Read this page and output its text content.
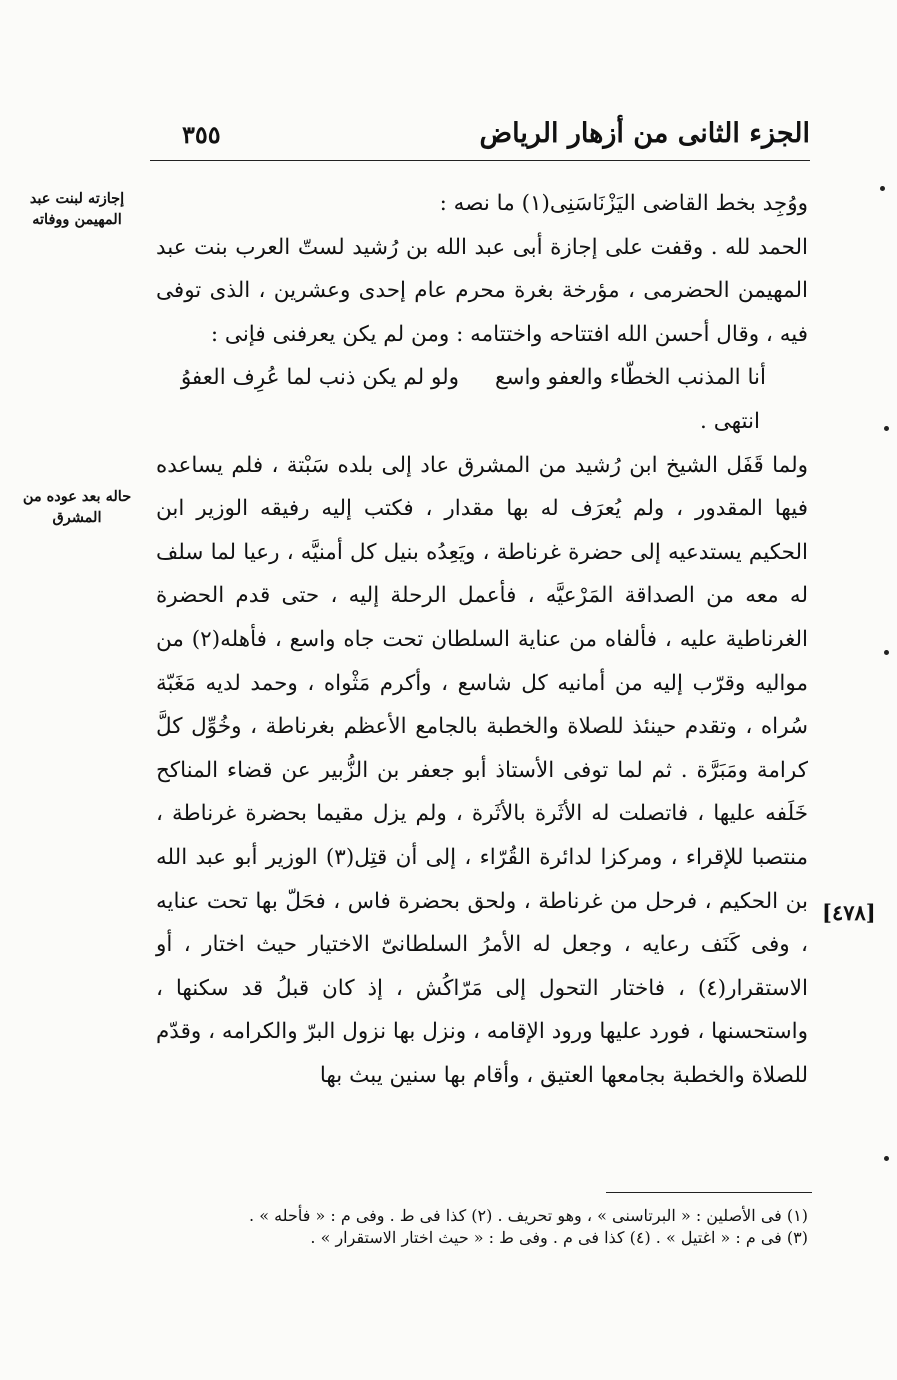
الجزء الثانى من أزهار الرياض
٣٥٥
إجازته لبنت عبد المهيمن ووفاته
حاله بعد عوده من المشرق
[٤٧٨]

ووُجِد بخط القاضى اليَزْنَاسَنِى(١) ما نصه :

الحمد لله . وقفت على إجازة أبى عبد الله بن رُشيد لستّ العرب بنت عبد المهيمن الحضرمى ، مؤرخة بغرة محرم عام إحدى وعشرين ، الذى توفى فيه ، وقال أحسن الله افتتاحه واختتامه : ومن لم يكن يعرفنى فإنى :

أنا المذنب الخطّاء والعفو واسع
ولو لم يكن ذنب لما عُرِف العفوُ

انتهى .

ولما قَفَل الشيخ ابن رُشيد من المشرق عاد إلى بلده سَبْتة ، فلم يساعده فيها المقدور ، ولم يُعرَف له بها مقدار ، فكتب إليه رفيقه الوزير ابن الحكيم يستدعيه إلى حضرة غرناطة ، ويَعِدُه بنيل كل أمنيَّه ، رعيا لما سلف له معه من الصداقة المَرْعيَّه ، فأعمل الرحلة إليه ، حتى قدم الحضرة الغرناطية عليه ، فألفاه من عناية السلطان تحت جاه واسع ، فأهله(٢) من مواليه وقرّب إليه من أمانيه كل شاسع ، وأكرم مَثْواه ، وحمد لديه مَغَبّة سُراه ، وتقدم حينئذ للصلاة والخطبة بالجامع الأعظم بغرناطة ، وخُوِّل كلَّ كرامة ومَبَرَّة . ثم لما توفى الأستاذ أبو جعفر بن الزُّبير عن قضاء المناكح خَلَفه عليها ، فاتصلت له الأثَرة بالأثَرة ، ولم يزل مقيما بحضرة غرناطة ، منتصبا للإقراء ، ومركزا لدائرة القُرّاء ، إلى أن قتِل(٣) الوزير أبو عبد الله بن الحكيم ، فرحل من غرناطة ، ولحق بحضرة فاس ، فحَلّ بها تحت عنايه ، وفى كَنَف رعايه ، وجعل له الأمرُ السلطانىّ الاختيار حيث اختار ، أو الاستقرار(٤) ، فاختار التحول إلى مَرّاكُش ، إذ كان قبلُ قد سكنها ، واستحسنها ، فورد عليها ورود الإقامه ، ونزل بها نزول البرّ والكرامه ، وقدّم للصلاة والخطبة بجامعها العتيق ، وأقام بها سنين يبث بها

(١) فى الأصلين : « البرتاسنى » ، وهو تحريف . (٢) كذا فى ط . وفى م : « فأحله » .
(٣) فى م : « اغتيل » . (٤) كذا فى م . وفى ط : « حيث اختار الاستقرار » .
